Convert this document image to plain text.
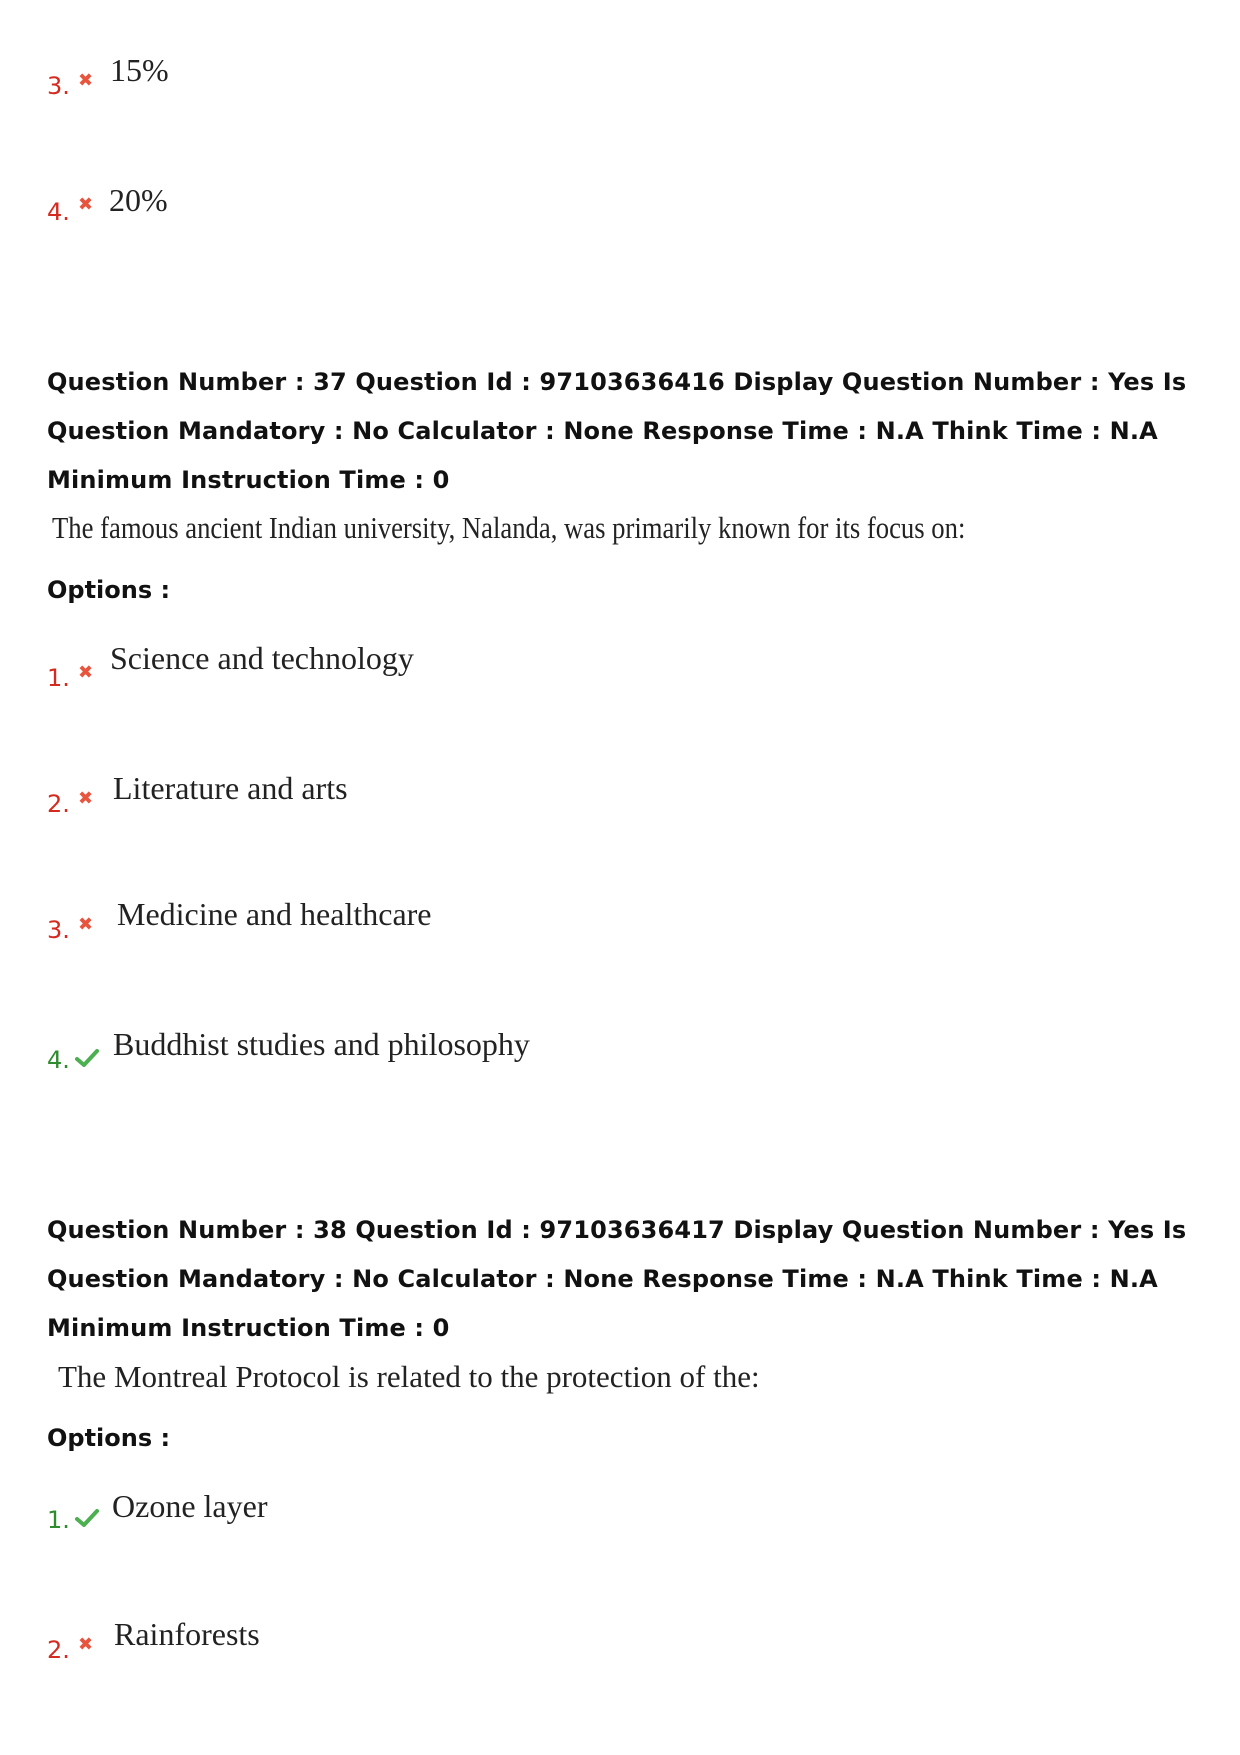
3. ✖ 15%
4. ✖ 20%
Question Number : 37 Question Id : 97103636416 Display Question Number : Yes Is Question Mandatory : No Calculator : None Response Time : N.A Think Time : N.A Minimum Instruction Time : 0
The famous ancient Indian university, Nalanda, was primarily known for its focus on:
Options :
1. ✖ Science and technology
2. ✖ Literature and arts
3. ✖ Medicine and healthcare
4. Buddhist studies and philosophy
Question Number : 38 Question Id : 97103636417 Display Question Number : Yes Is Question Mandatory : No Calculator : None Response Time : N.A Think Time : N.A Minimum Instruction Time : 0
The Montreal Protocol is related to the protection of the:
Options :
1. Ozone layer
2. ✖ Rainforests
